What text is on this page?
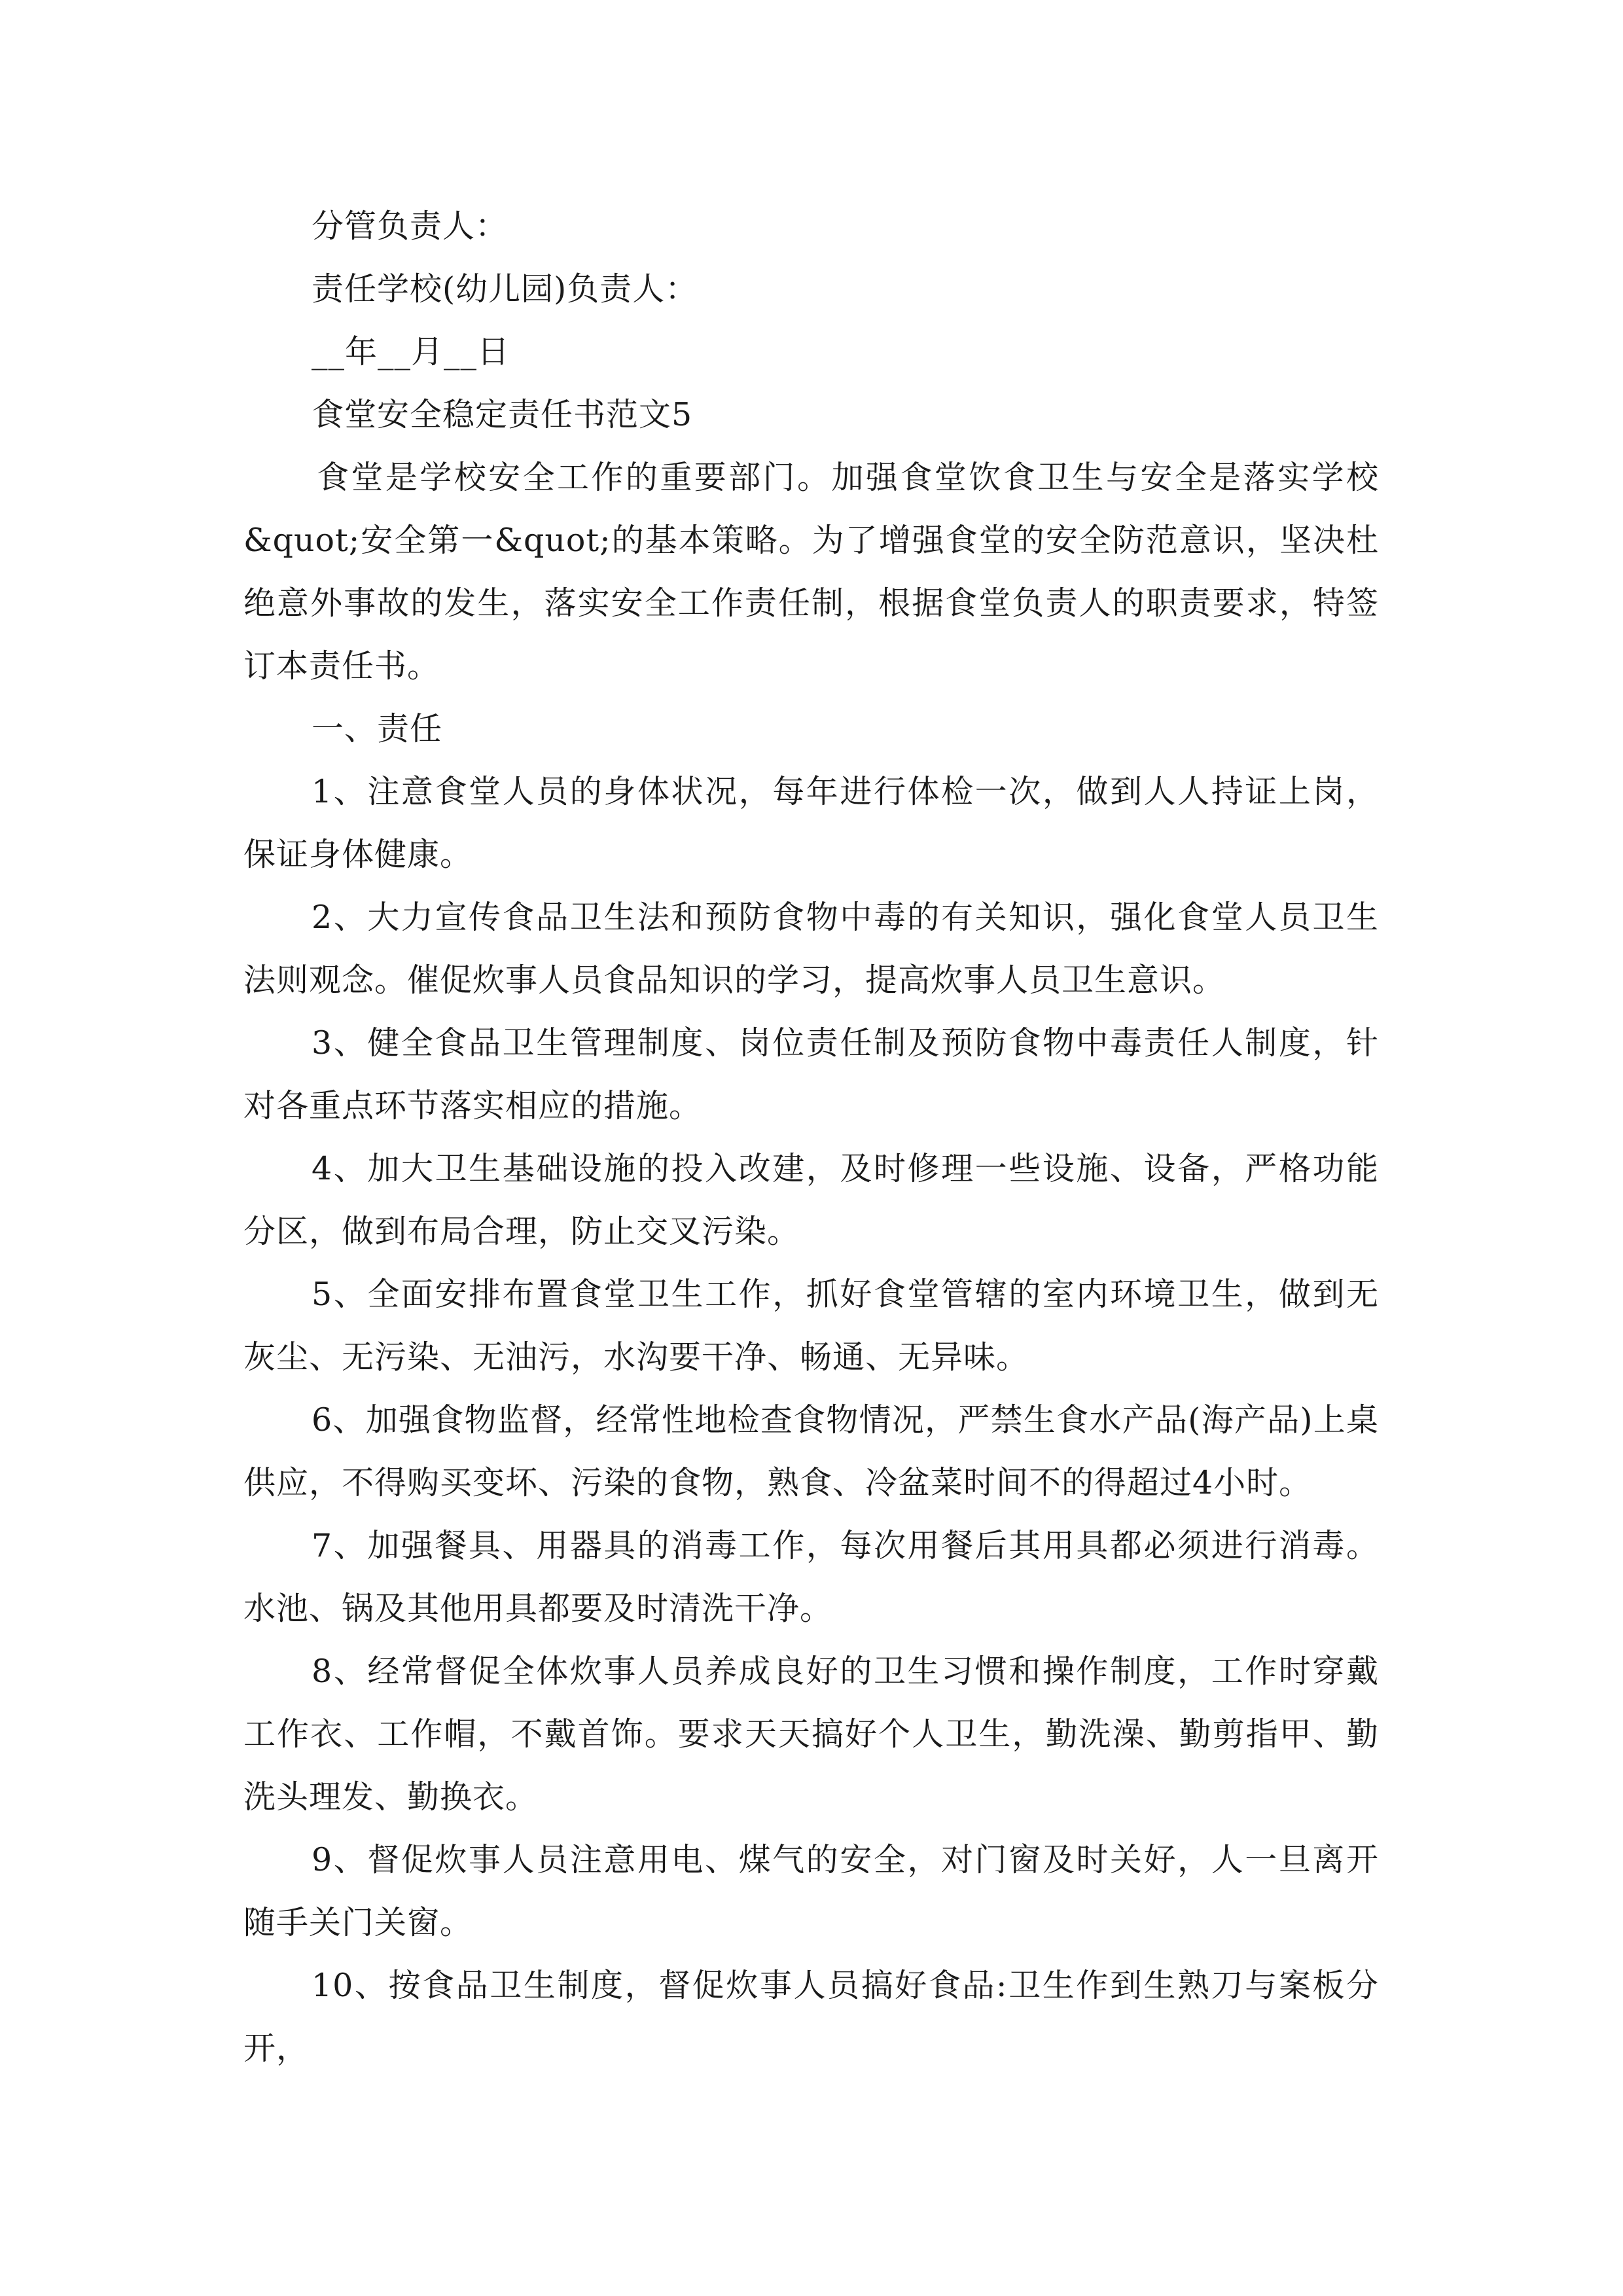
分管负责人：

责任学校(幼儿园)负责人：

__年__月__日

食堂安全稳定责任书范文5

食堂是学校安全工作的重要部门。加强食堂饮食卫生与安全是落实学校&quot;安全第一&quot;的基本策略。为了增强食堂的安全防范意识，坚决杜绝意外事故的发生，落实安全工作责任制，根据食堂负责人的职责要求，特签订本责任书。

一、责任

1、注意食堂人员的身体状况，每年进行体检一次，做到人人持证上岗，保证身体健康。

2、大力宣传食品卫生法和预防食物中毒的有关知识，强化食堂人员卫生法则观念。催促炊事人员食品知识的学习，提高炊事人员卫生意识。

3、健全食品卫生管理制度、岗位责任制及预防食物中毒责任人制度，针对各重点环节落实相应的措施。

4、加大卫生基础设施的投入改建，及时修理一些设施、设备，严格功能分区，做到布局合理，防止交叉污染。

5、全面安排布置食堂卫生工作，抓好食堂管辖的室内环境卫生，做到无灰尘、无污染、无油污，水沟要干净、畅通、无异味。

6、加强食物监督，经常性地检查食物情况，严禁生食水产品(海产品)上桌供应，不得购买变坏、污染的食物，熟食、冷盆菜时间不的得超过4小时。

7、加强餐具、用器具的消毒工作，每次用餐后其用具都必须进行消毒。水池、锅及其他用具都要及时清洗干净。

8、经常督促全体炊事人员养成良好的卫生习惯和操作制度，工作时穿戴工作衣、工作帽，不戴首饰。要求天天搞好个人卫生，勤洗澡、勤剪指甲、勤洗头理发、勤换衣。

9、督促炊事人员注意用电、煤气的安全，对门窗及时关好，人一旦离开随手关门关窗。

10、按食品卫生制度，督促炊事人员搞好食品:卫生作到生熟刀与案板分开，
